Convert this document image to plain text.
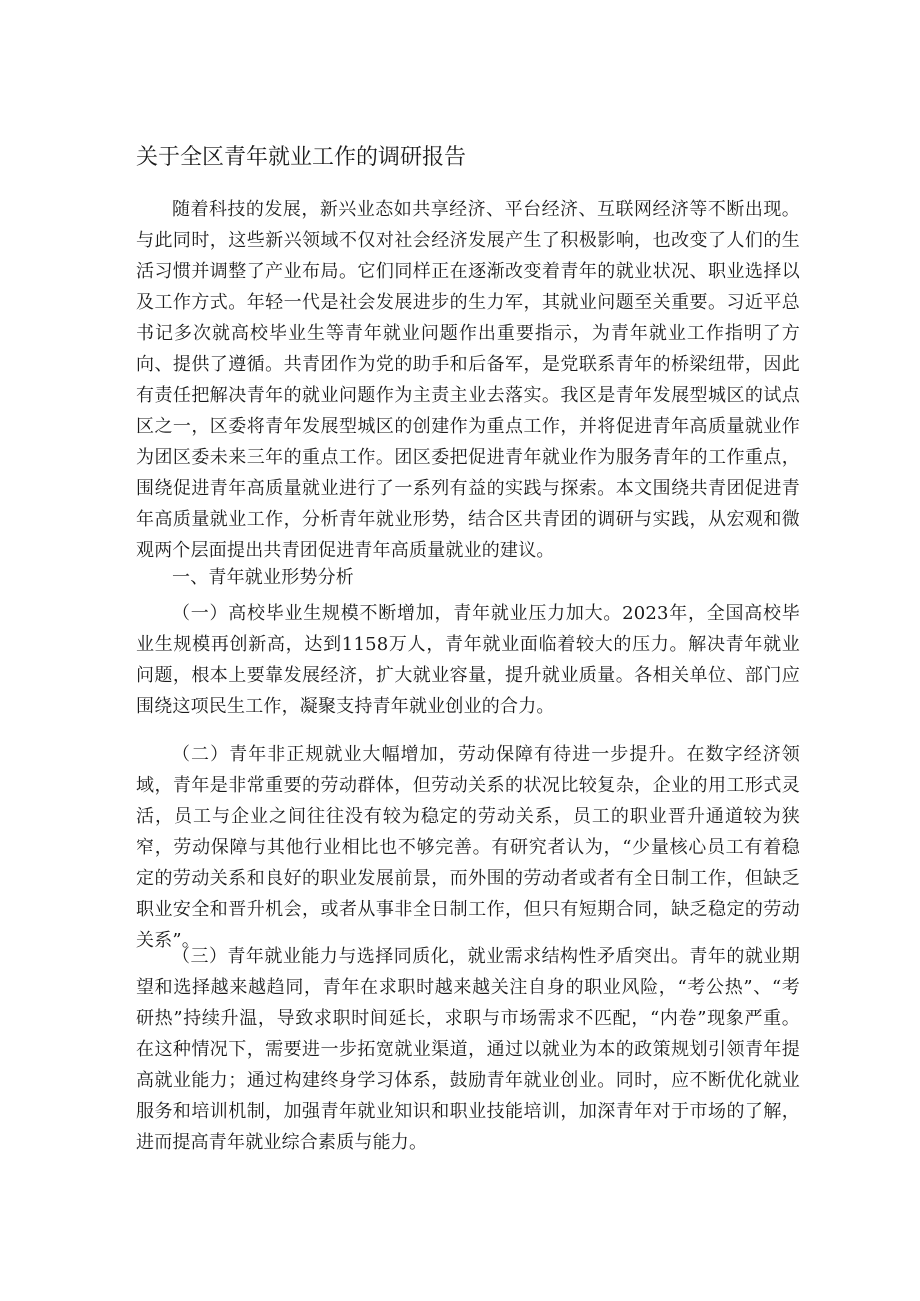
关于全区青年就业工作的调研报告

随着科技的发展，新兴业态如共享经济、平台经济、互联网经济等不断出现。与此同时，这些新兴领域不仅对社会经济发展产生了积极影响，也改变了人们的生活习惯并调整了产业布局。它们同样正在逐渐改变着青年的就业状况、职业选择以及工作方式。年轻一代是社会发展进步的生力军，其就业问题至关重要。习近平总书记多次就高校毕业生等青年就业问题作出重要指示，为青年就业工作指明了方向、提供了遵循。共青团作为党的助手和后备军，是党联系青年的桥梁纽带，因此有责任把解决青年的就业问题作为主责主业去落实。我区是青年发展型城区的试点区之一，区委将青年发展型城区的创建作为重点工作，并将促进青年高质量就业作为团区委未来三年的重点工作。团区委把促进青年就业作为服务青年的工作重点，围绕促进青年高质量就业进行了一系列有益的实践与探索。本文围绕共青团促进青年高质量就业工作，分析青年就业形势，结合区共青团的调研与实践，从宏观和微观两个层面提出共青团促进青年高质量就业的建议。

一、青年就业形势分析

（一）高校毕业生规模不断增加，青年就业压力加大。2023年，全国高校毕业生规模再创新高，达到1158万人，青年就业面临着较大的压力。解决青年就业问题，根本上要靠发展经济，扩大就业容量，提升就业质量。各相关单位、部门应围绕这项民生工作，凝聚支持青年就业创业的合力。

（二）青年非正规就业大幅增加，劳动保障有待进一步提升。在数字经济领域，青年是非常重要的劳动群体，但劳动关系的状况比较复杂，企业的用工形式灵活，员工与企业之间往往没有较为稳定的劳动关系，员工的职业晋升通道较为狭窄，劳动保障与其他行业相比也不够完善。有研究者认为，“少量核心员工有着稳定的劳动关系和良好的职业发展前景，而外围的劳动者或者有全日制工作，但缺乏职业安全和晋升机会，或者从事非全日制工作，但只有短期合同，缺乏稳定的劳动关系”。

（三）青年就业能力与选择同质化，就业需求结构性矛盾突出。青年的就业期望和选择越来越趋同，青年在求职时越来越关注自身的职业风险，“考公热”、“考研热”持续升温，导致求职时间延长，求职与市场需求不匹配，“内卷”现象严重。在这种情况下，需要进一步拓宽就业渠道，通过以就业为本的政策规划引领青年提高就业能力；通过构建终身学习体系，鼓励青年就业创业。同时，应不断优化就业服务和培训机制，加强青年就业知识和职业技能培训，加深青年对于市场的了解，进而提高青年就业综合素质与能力。
